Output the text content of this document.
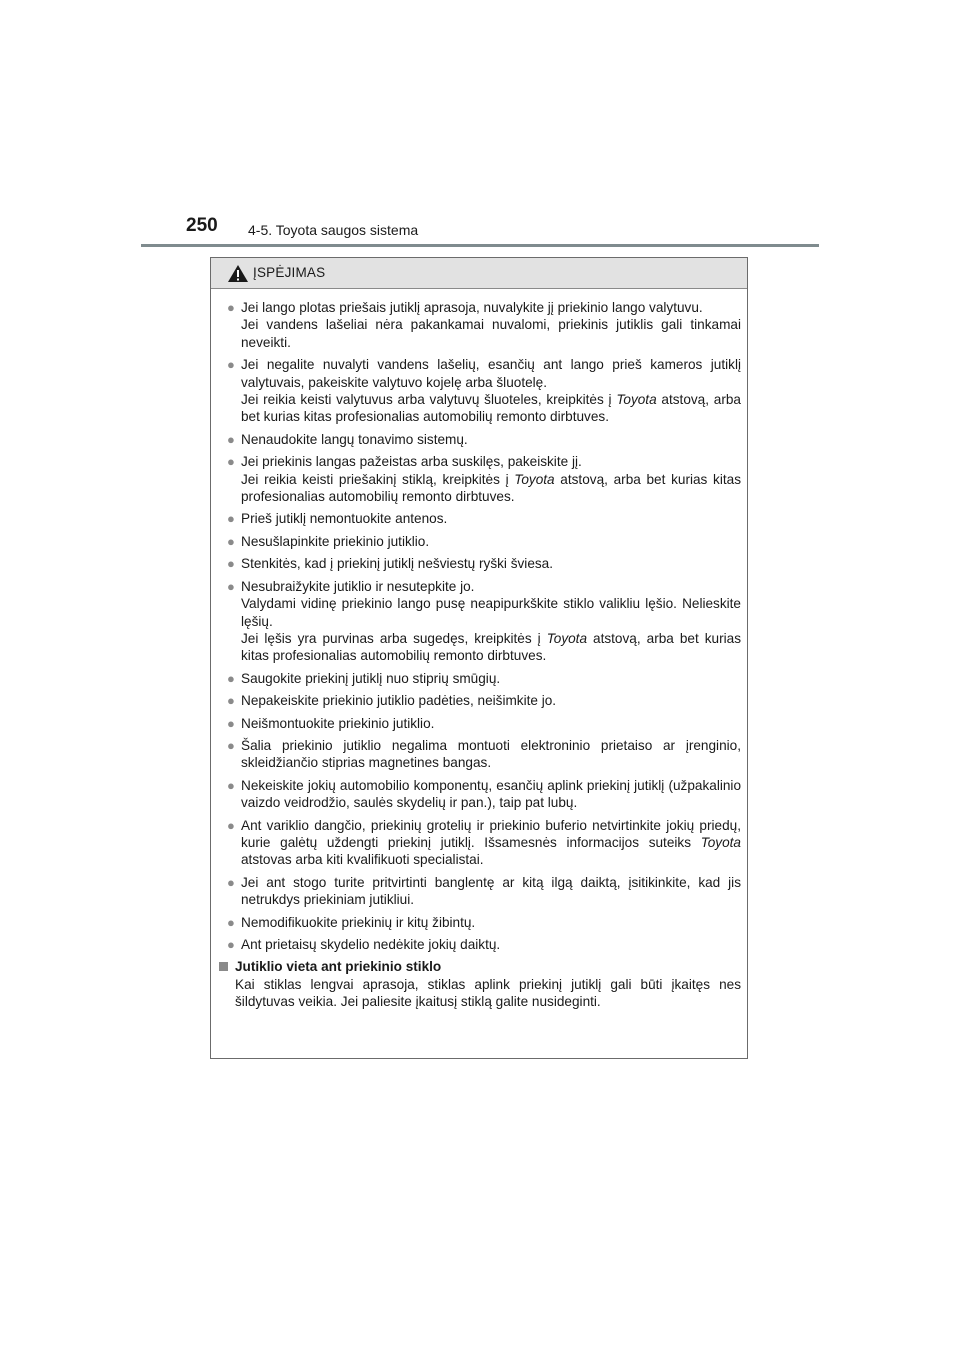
250 4-5. Toyota saugos sistema
ĮSPĖJIMAS
● Jei lango plotas priešais jutiklį aprasoja, nuvalykite jį priekinio lango valytuvu.
Jei vandens lašeliai nėra pakankamai nuvalomi, priekinis jutiklis gali tinkamai neveikti.
● Jei negalite nuvalyti vandens lašelių, esančių ant lango prieš kameros jutiklį valytuvais, pakeiskite valytuvo kojelę arba šluotelę.
Jei reikia keisti valytuvus arba valytuvų šluoteles, kreipkitės į Toyota atstovą, arba bet kurias kitas profesionalias automobilių remonto dirbtuves.
● Nenaudokite langų tonavimo sistemų.
● Jei priekinis langas pažeistas arba suskilęs, pakeiskite jį.
Jei reikia keisti priešakinį stiklą, kreipkitės į Toyota atstovą, arba bet kurias kitas profesionalias automobilių remonto dirbtuves.
● Prieš jutiklį nemontuokite antenos.
● Nesušlapinkite priekinio jutiklio.
● Stenkitės, kad į priekinį jutiklį nešviestų ryški šviesa.
● Nesubraižykite jutiklio ir nesutepkite jo.
Valydami vidinę priekinio lango pusę neapipurkškite stiklo valikliu lęšio. Nelieskite lęšių.
Jei lęšis yra purvinas arba sugedęs, kreipkitės į Toyota atstovą, arba bet kurias kitas profesionalias automobilių remonto dirbtuves.
● Saugokite priekinį jutiklį nuo stiprių smūgių.
● Nepakeiskite priekinio jutiklio padėties, neišimkite jo.
● Neišmontuokite priekinio jutiklio.
● Šalia priekinio jutiklio negalima montuoti elektroninio prietaiso ar įrenginio, skleidžiančio stiprias magnetines bangas.
● Nekeiskite jokių automobilio komponentų, esančių aplink priekinį jutiklį (užpakalinio vaizdo veidrodžio, saulės skydelių ir pan.), taip pat lubų.
● Ant variklio dangčio, priekinių grotelių ir priekinio buferio netvirtinkite jokių priedų, kurie galėtų uždengti priekinį jutiklį. Išsamesnės informacijos suteiks Toyota atstovas arba kiti kvalifikuoti specialistai.
● Jei ant stogo turite pritvirtinti banglentę ar kitą ilgą daiktą, įsitikinkite, kad jis netrukdys priekiniam jutikliui.
● Nemodifikuokite priekinių ir kitų žibintų.
● Ant prietaisų skydelio nedėkite jokių daiktų.
Jutiklio vieta ant priekinio stiklo
Kai stiklas lengvai aprasoja, stiklas aplink priekinį jutiklį gali būti įkaitęs nes šildytuvas veikia. Jei paliesite įkaitusį stiklą galite nusideginti.
